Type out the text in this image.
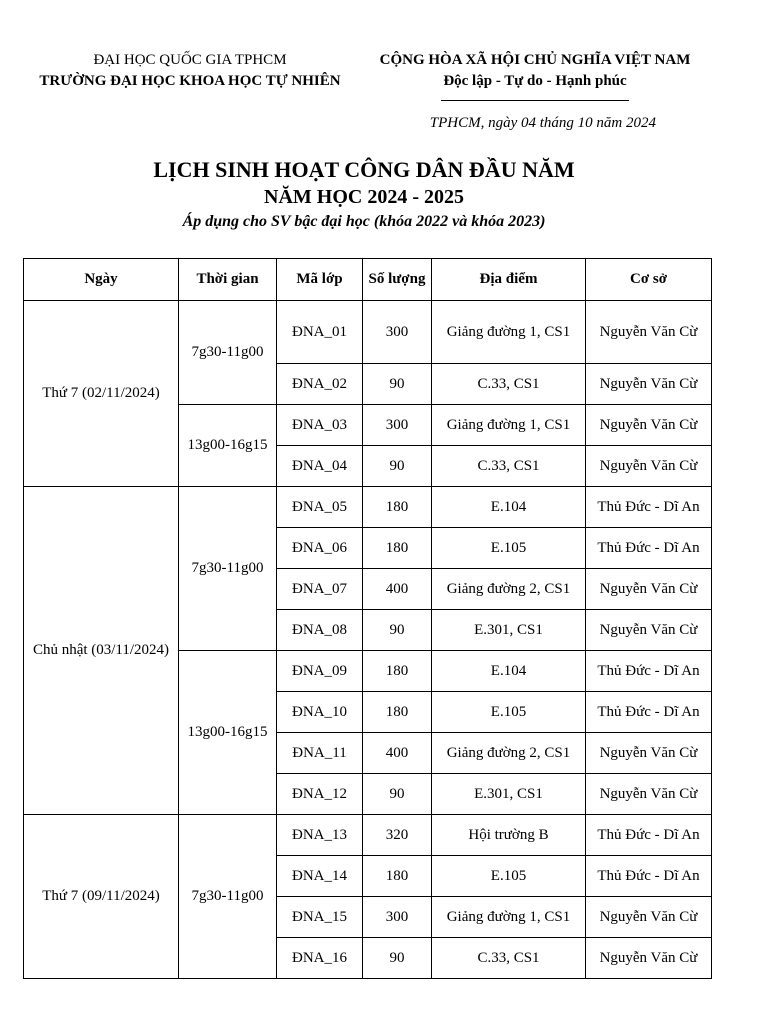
ĐẠI HỌC QUỐC GIA TPHCM
TRƯỜNG ĐẠI HỌC KHOA HỌC TỰ NHIÊN
CỘNG HÒA XÃ HỘI CHỦ NGHĨA VIỆT NAM
Độc lập - Tự do - Hạnh phúc
TPHCM, ngày 04 tháng 10 năm 2024
LỊCH SINH HOẠT CÔNG DÂN ĐẦU NĂM
NĂM HỌC 2024 - 2025
Áp dụng cho SV bậc đại học (khóa 2022 và khóa 2023)
Ngày	Thời gian	Mã lớp	Số lượng	Địa điểm	Cơ sở
Thứ 7 (02/11/2024)	7g30-11g00	ĐNA_01	300	Giảng đường 1, CS1	Nguyễn Văn Cừ
		ĐNA_02	90	C.33, CS1	Nguyễn Văn Cừ
	13g00-16g15	ĐNA_03	300	Giảng đường 1, CS1	Nguyễn Văn Cừ
		ĐNA_04	90	C.33, CS1	Nguyễn Văn Cừ
Chủ nhật (03/11/2024)	7g30-11g00	ĐNA_05	180	E.104	Thủ Đức - Dĩ An
		ĐNA_06	180	E.105	Thủ Đức - Dĩ An
		ĐNA_07	400	Giảng đường 2, CS1	Nguyễn Văn Cừ
		ĐNA_08	90	E.301, CS1	Nguyễn Văn Cừ
	13g00-16g15	ĐNA_09	180	E.104	Thủ Đức - Dĩ An
		ĐNA_10	180	E.105	Thủ Đức - Dĩ An
		ĐNA_11	400	Giảng đường 2, CS1	Nguyễn Văn Cừ
		ĐNA_12	90	E.301, CS1	Nguyễn Văn Cừ
Thứ 7 (09/11/2024)	7g30-11g00	ĐNA_13	320	Hội trường B	Thủ Đức - Dĩ An
		ĐNA_14	180	E.105	Thủ Đức - Dĩ An
		ĐNA_15	300	Giảng đường 1, CS1	Nguyễn Văn Cừ
		ĐNA_16	90	C.33, CS1	Nguyễn Văn Cừ
